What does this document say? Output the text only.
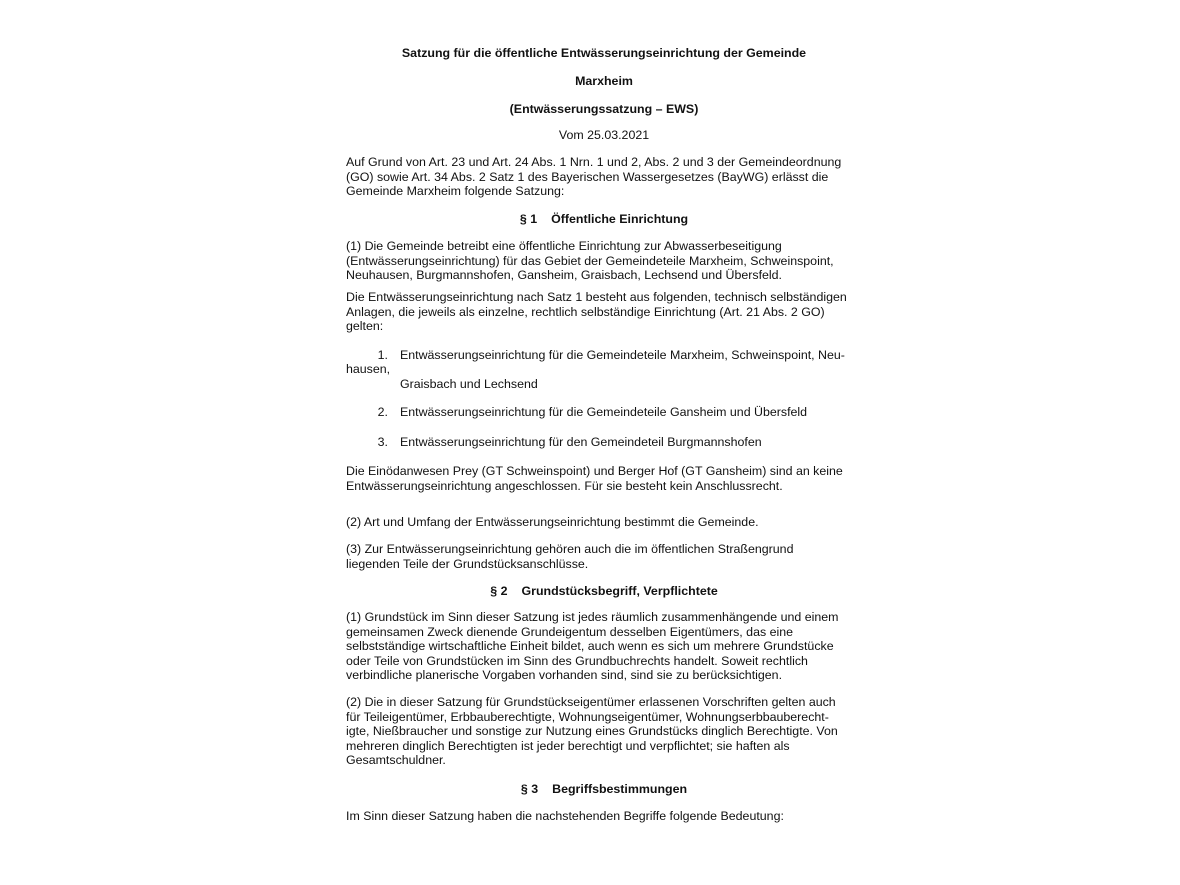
Satzung für die öffentliche Entwässerungseinrichtung der Gemeinde

Marxheim

(Entwässerungssatzung – EWS)

Vom 25.03.2021

Auf Grund von Art. 23 und Art. 24 Abs. 1 Nrn. 1 und 2, Abs. 2 und 3 der Gemeindeordnung
(GO) sowie Art. 34 Abs. 2 Satz 1 des Bayerischen Wassergesetzes (BayWG) erlässt die
Gemeinde Marxheim folgende Satzung:

§ 1 Öffentliche Einrichtung

(1) Die Gemeinde betreibt eine öffentliche Einrichtung zur Abwasserbeseitigung
(Entwässerungseinrichtung) für das Gebiet der Gemeindeteile Marxheim, Schweinspoint,
Neuhausen, Burgmannshofen, Gansheim, Graisbach, Lechsend und Übersfeld.
Die Entwässerungseinrichtung nach Satz 1 besteht aus folgenden, technisch selbständigen
Anlagen, die jeweils als einzelne, rechtlich selbständige Einrichtung (Art. 21 Abs. 2 GO)
gelten:
1. Entwässerungseinrichtung für die Gemeindeteile Marxheim, Schweinspoint, Neu-
hausen,
Graisbach und Lechsend
2. Entwässerungseinrichtung für die Gemeindeteile Gansheim und Übersfeld
3. Entwässerungseinrichtung für den Gemeindeteil Burgmannshofen
Die Einödanwesen Prey (GT Schweinspoint) und Berger Hof (GT Gansheim) sind an keine
Entwässerungseinrichtung angeschlossen. Für sie besteht kein Anschlussrecht.

(2) Art und Umfang der Entwässerungseinrichtung bestimmt die Gemeinde.

(3) Zur Entwässerungseinrichtung gehören auch die im öffentlichen Straßengrund
liegenden Teile der Grundstücksanschlüsse.

§ 2 Grundstücksbegriff, Verpflichtete

(1) Grundstück im Sinn dieser Satzung ist jedes räumlich zusammenhängende und einem
gemeinsamen Zweck dienende Grundeigentum desselben Eigentümers, das eine
selbstständige wirtschaftliche Einheit bildet, auch wenn es sich um mehrere Grundstücke
oder Teile von Grundstücken im Sinn des Grundbuchrechts handelt. Soweit rechtlich
verbindliche planerische Vorgaben vorhanden sind, sind sie zu berücksichtigen.
(2) Die in dieser Satzung für Grundstückseigentümer erlassenen Vorschriften gelten auch
für Teileigentümer, Erbbauberechtigte, Wohnungseigentümer, Wohnungserbbauberecht-
igte, Nießbraucher und sonstige zur Nutzung eines Grundstücks dinglich Berechtigte. Von
mehreren dinglich Berechtigten ist jeder berechtigt und verpflichtet; sie haften als
Gesamtschuldner.

§ 3 Begriffsbestimmungen

Im Sinn dieser Satzung haben die nachstehenden Begriffe folgende Bedeutung:
